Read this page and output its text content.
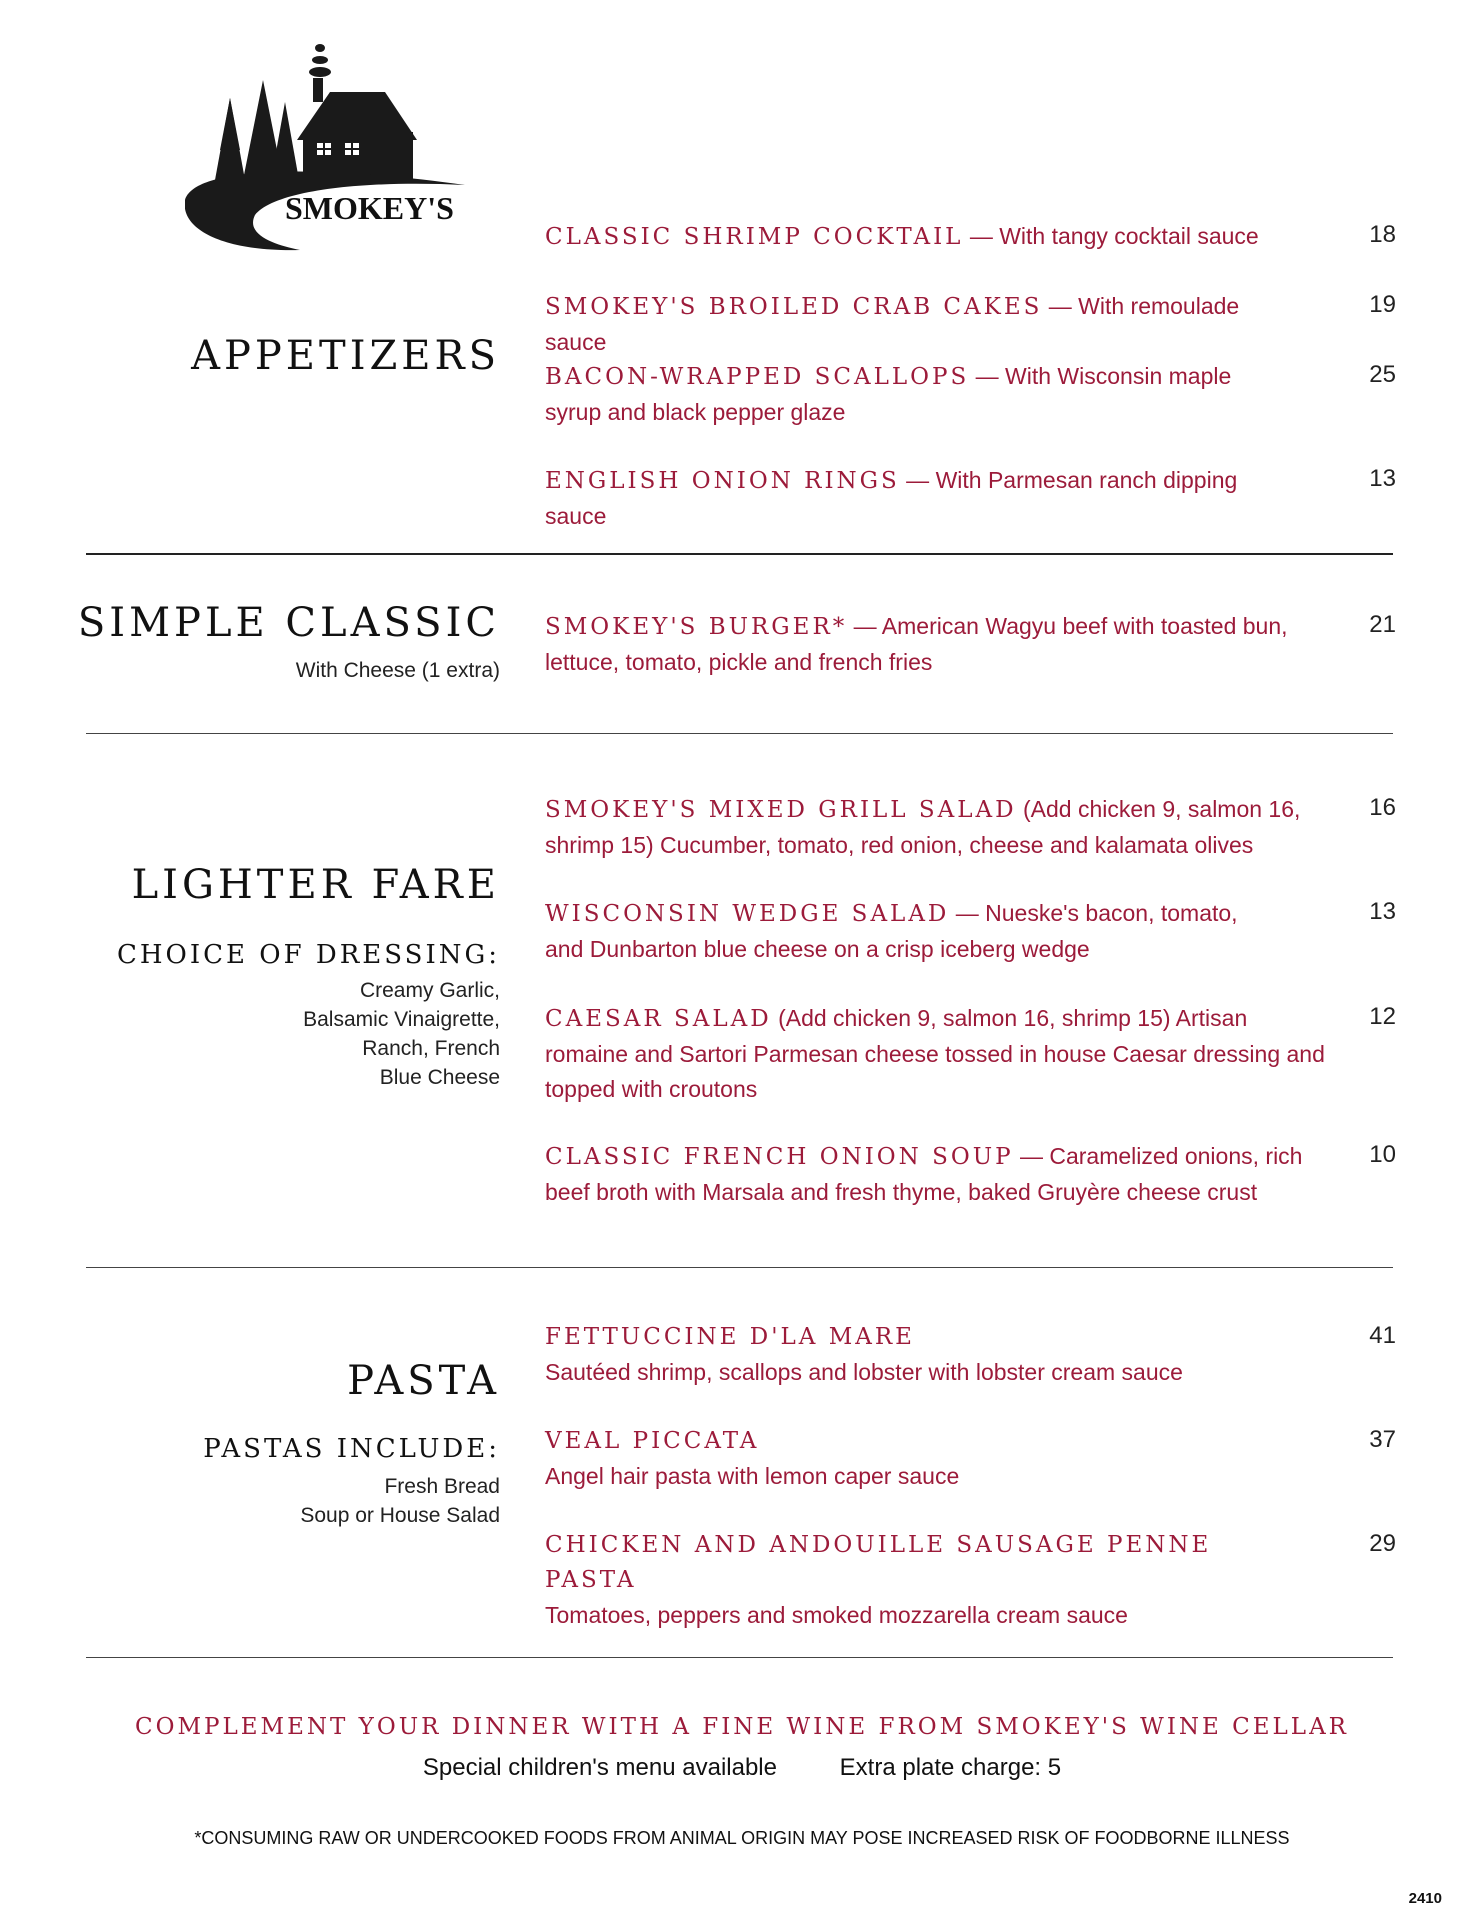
SMOKEY'S
APPETIZERS
CLASSIC SHRIMP COCKTAIL — With tangy cocktail sauce	18
SMOKEY'S BROILED CRAB CAKES — With remoulade sauce
19
BACON-WRAPPED SCALLOPS — With Wisconsin maple syrup and black pepper glaze
25
ENGLISH ONION RINGS — With Parmesan ranch dipping sauce
13
SIMPLE CLASSIC
With Cheese (1 extra)
SMOKEY'S BURGER* — American Wagyu beef with toasted bun, lettuce, tomato, pickle and french fries
21
LIGHTER FARE
CHOICE OF DRESSING:
Creamy Garlic,
Balsamic Vinaigrette,
Ranch, French
Blue Cheese
SMOKEY'S MIXED GRILL SALAD (Add chicken 9, salmon 16, shrimp 15) Cucumber, tomato, red onion, cheese and kalamata olives
16
WISCONSIN WEDGE SALAD — Nueske's bacon, tomato, and Dunbarton blue cheese on a crisp iceberg wedge
13
CAESAR SALAD (Add chicken 9, salmon 16, shrimp 15) Artisan romaine and Sartori Parmesan cheese tossed in house Caesar dressing and topped with croutons
12
CLASSIC FRENCH ONION SOUP — Caramelized onions, rich beef broth with Marsala and fresh thyme, baked Gruyère cheese crust
10
PASTA
PASTAS INCLUDE:
Fresh Bread
Soup or House Salad
FETTUCCINE D'LA MARE
Sautéed shrimp, scallops and lobster with lobster cream sauce
41
VEAL PICCATA
Angel hair pasta with lemon caper sauce
37
CHICKEN AND ANDOUILLE SAUSAGE PENNE PASTA
Tomatoes, peppers and smoked mozzarella cream sauce
29
COMPLEMENT YOUR DINNER WITH A FINE WINE FROM SMOKEY'S WINE CELLAR
Special children's menu available	Extra plate charge: 5
*CONSUMING RAW OR UNDERCOOKED FOODS FROM ANIMAL ORIGIN MAY POSE INCREASED RISK OF FOODBORNE ILLNESS
2410
